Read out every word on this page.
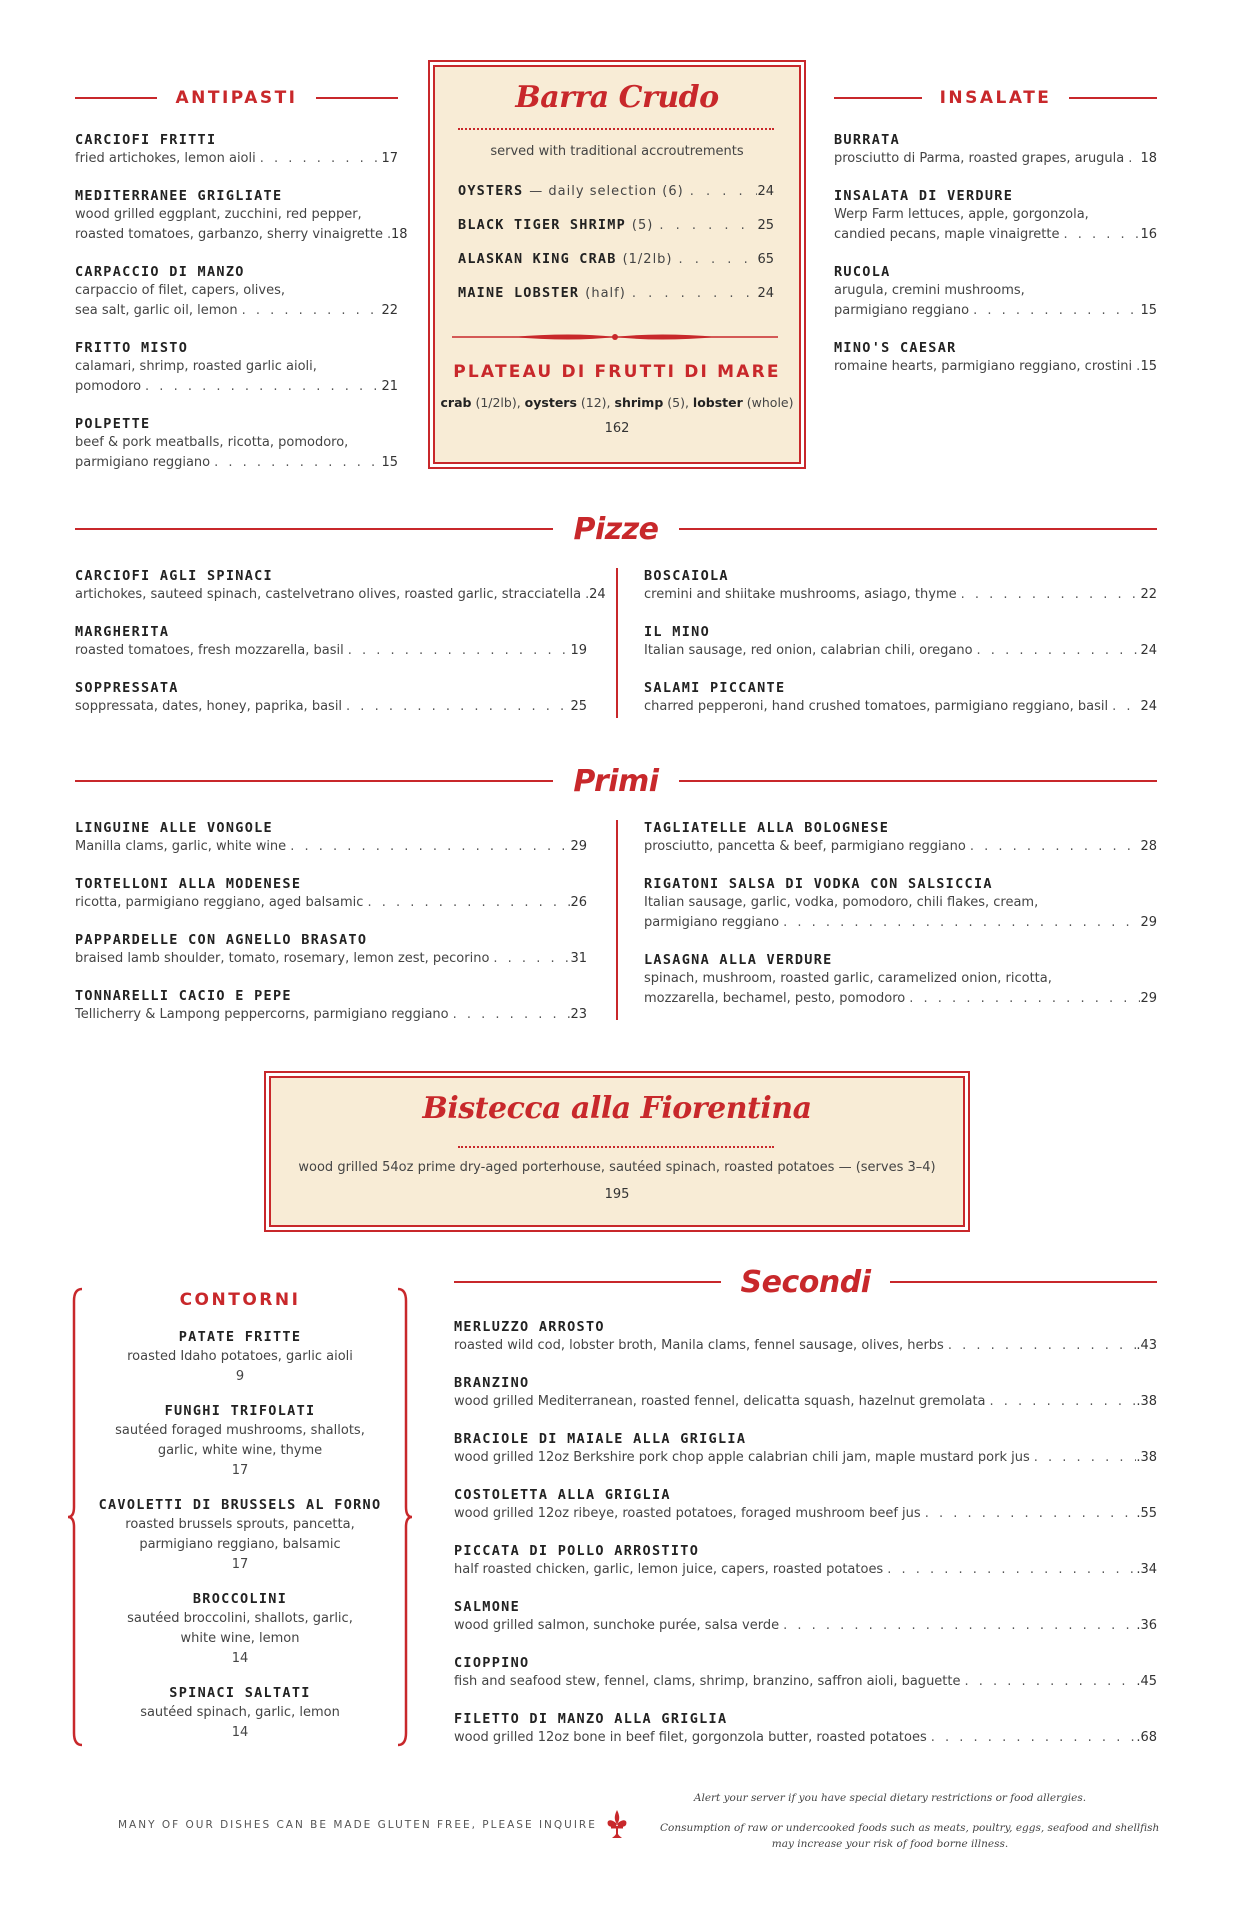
ANTIPASTI
CARCIOFI FRITTI
fried artichokes, lemon aioli . . .	17
MEDITERRANEE GRIGLIATE
wood grilled eggplant, zucchini, red pepper,
roasted tomatoes, garbanzo, sherry vinaigrette . . . 18
CARPACCIO DI MANZO
carpaccio of filet, capers, olives,
sea salt, garlic oil, lemon . . .	22
FRITTO MISTO
calamari, shrimp, roasted garlic aioli,
pomodoro . . .	21
POLPETTE
beef & pork meatballs, ricotta, pomodoro,
parmigiano reggiano . . .	15
Barra Crudo
served with traditional accroutrements
OYSTERS — daily selection (6) . . .	24
BLACK TIGER SHRIMP (5) . . .	25
ALASKAN KING CRAB (1/2lb) . . .	65
MAINE LOBSTER (half) . . .	24
PLATEAU DI FRUTTI DI MARE
crab (1/2lb), oysters (12), shrimp (5), lobster (whole)
162
INSALATE
BURRATA
prosciutto di Parma, roasted grapes, arugula . . . 18
INSALATA DI VERDURE
Werp Farm lettuces, apple, gorgonzola,
candied pecans, maple vinaigrette . . .	16
RUCOLA
arugula, cremini mushrooms,
parmigiano reggiano . . .	15
MINO'S CAESAR
romaine hearts, parmigiano reggiano, crostini . . . 15
Pizze
CARCIOFI AGLI SPINACI
artichokes, sauteed spinach, castelvetrano olives, roasted garlic, stracciatella . . . 24
MARGHERITA
roasted tomatoes, fresh mozzarella, basil . . .	19
SOPPRESSATA
soppressata, dates, honey, paprika, basil . . .	25
BOSCAIOLA
cremini and shiitake mushrooms, asiago, thyme . . .	22
IL MINO
Italian sausage, red onion, calabrian chili, oregano . . .	24
SALAMI PICCANTE
charred pepperoni, hand crushed tomatoes, parmigiano reggiano, basil . . . 24
Primi
LINGUINE ALLE VONGOLE
Manilla clams, garlic, white wine . . .	29
TORTELLONI ALLA MODENESE
ricotta, parmigiano reggiano, aged balsamic . . .	26
PAPPARDELLE CON AGNELLO BRASATO
braised lamb shoulder, tomato, rosemary, lemon zest, pecorino . . .	31
TONNARELLI CACIO E PEPE
Tellicherry & Lampong peppercorns, parmigiano reggiano . . .	23
TAGLIATELLE ALLA BOLOGNESE
prosciutto, pancetta & beef, parmigiano reggiano . . .	28
RIGATONI SALSA DI VODKA CON SALSICCIA
Italian sausage, garlic, vodka, pomodoro, chili flakes, cream,
parmigiano reggiano . . .	29
LASAGNA ALLA VERDURE
spinach, mushroom, roasted garlic, caramelized onion, ricotta,
mozzarella, bechamel, pesto, pomodoro . . .	29
Bistecca alla Fiorentina
wood grilled 54oz prime dry-aged porterhouse, sautéed spinach, roasted potatoes — (serves 3–4)
195
CONTORNI
PATATE FRITTE
roasted Idaho potatoes, garlic aioli
9
FUNGHI TRIFOLATI
sautéed foraged mushrooms, shallots,
garlic, white wine, thyme
17
CAVOLETTI DI BRUSSELS AL FORNO
roasted brussels sprouts, pancetta,
parmigiano reggiano, balsamic
17
BROCCOLINI
sautéed broccolini, shallots, garlic,
white wine, lemon
14
SPINACI SALTATI
sautéed spinach, garlic, lemon
14
Secondi
MERLUZZO ARROSTO
roasted wild cod, lobster broth, Manila clams, fennel sausage, olives, herbs . . .	.43
BRANZINO
wood grilled Mediterranean, roasted fennel, delicatta squash, hazelnut gremolata . . .	.38
BRACIOLE DI MAIALE ALLA GRIGLIA
wood grilled 12oz Berkshire pork chop apple calabrian chili jam, maple mustard pork jus . . .	.38
COSTOLETTA ALLA GRIGLIA
wood grilled 12oz ribeye, roasted potatoes, foraged mushroom beef jus . . .	.55
PICCATA DI POLLO ARROSTITO
half roasted chicken, garlic, lemon juice, capers, roasted potatoes . . .	.34
SALMONE
wood grilled salmon, sunchoke purée, salsa verde . . .	.36
CIOPPINO
fish and seafood stew, fennel, clams, shrimp, branzino, saffron aioli, baguette . . .	.45
FILETTO DI MANZO ALLA GRIGLIA
wood grilled 12oz bone in beef filet, gorgonzola butter, roasted potatoes . . .	.68
MANY OF OUR DISHES CAN BE MADE GLUTEN FREE, PLEASE INQUIRE
Alert your server if you have special dietary restrictions or food allergies.
Consumption of raw or undercooked foods such as meats, poultry, eggs, seafood and shellfish
may increase your risk of food borne illness.
